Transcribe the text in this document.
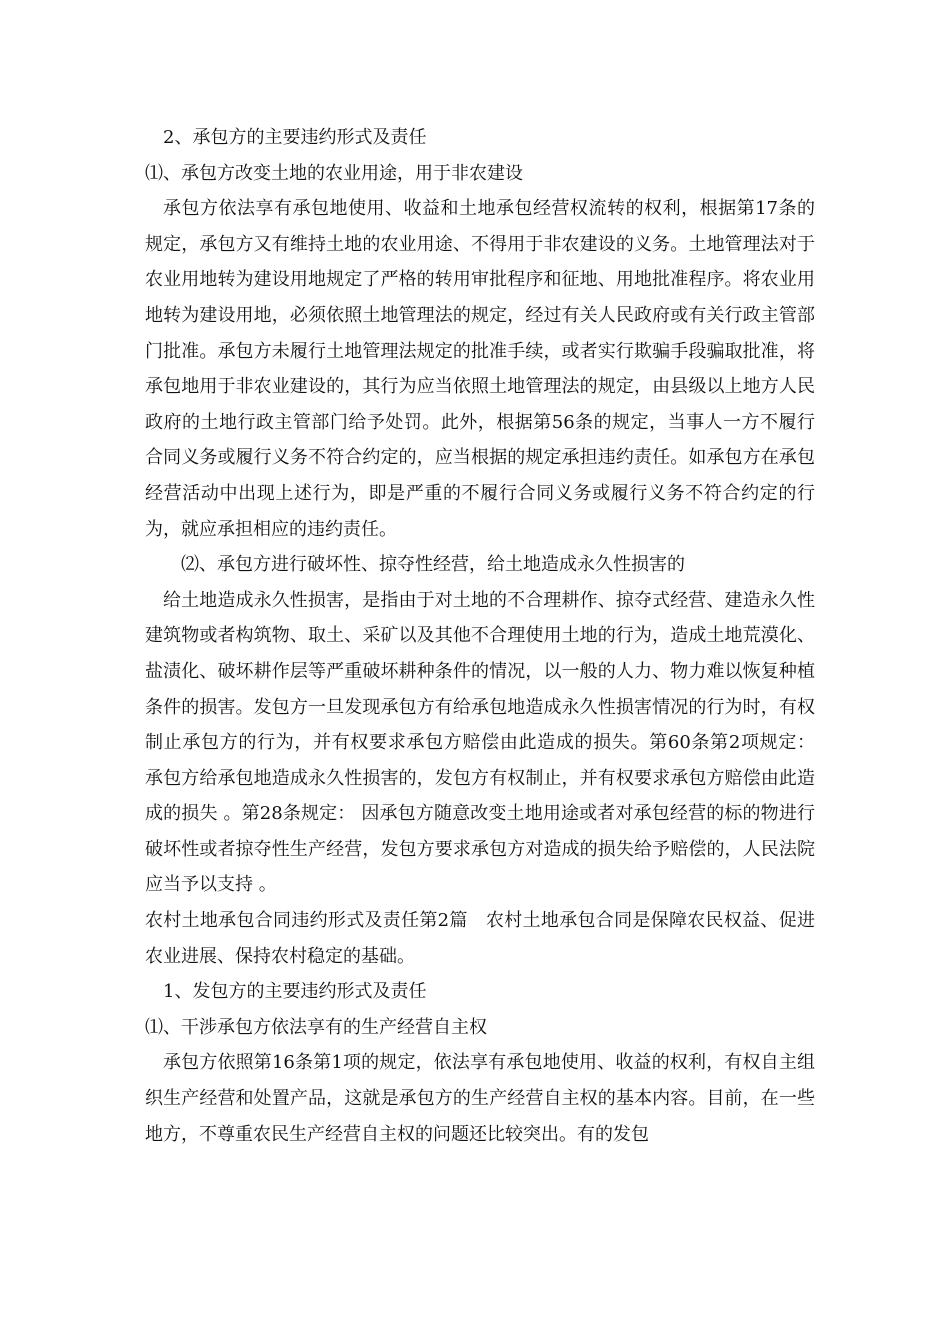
2、承包方的主要违约形式及责任

⑴、承包方改变土地的农业用途，用于非农建设

承包方依法享有承包地使用、收益和土地承包经营权流转的权利，根据第17条的规定，承包方又有维持土地的农业用途、不得用于非农建设的义务。土地管理法对于农业用地转为建设用地规定了严格的转用审批程序和征地、用地批准程序。将农业用地转为建设用地，必须依照土地管理法的规定，经过有关人民政府或有关行政主管部门批准。承包方未履行土地管理法规定的批准手续，或者实行欺骗手段骗取批准，将承包地用于非农业建设的，其行为应当依照土地管理法的规定，由县级以上地方人民政府的土地行政主管部门给予处罚。此外，根据第56条的规定，当事人一方不履行合同义务或履行义务不符合约定的，应当根据的规定承担违约责任。如承包方在承包经营活动中出现上述行为，即是严重的不履行合同义务或履行义务不符合约定的行为，就应承担相应的违约责任。

⑵、承包方进行破坏性、掠夺性经营，给土地造成永久性损害的

给土地造成永久性损害，是指由于对土地的不合理耕作、掠夺式经营、建造永久性建筑物或者构筑物、取土、采矿以及其他不合理使用土地的行为，造成土地荒漠化、盐渍化、破坏耕作层等严重破坏耕种条件的情况，以一般的人力、物力难以恢复种植条件的损害。发包方一旦发现承包方有给承包地造成永久性损害情况的行为时，有权制止承包方的行为，并有权要求承包方赔偿由此造成的损失。第60条第2项规定： 承包方给承包地造成永久性损害的，发包方有权制止，并有权要求承包方赔偿由此造成的损失 。第28条规定： 因承包方随意改变土地用途或者对承包经营的标的物进行破坏性或者掠夺性生产经营，发包方要求承包方对造成的损失给予赔偿的，人民法院应当予以支持 。

农村土地承包合同违约形式及责任第2篇　农村土地承包合同是保障农民权益、促进农业进展、保持农村稳定的基础。

1、发包方的主要违约形式及责任

⑴、干涉承包方依法享有的生产经营自主权

承包方依照第16条第1项的规定，依法享有承包地使用、收益的权利，有权自主组织生产经营和处置产品，这就是承包方的生产经营自主权的基本内容。目前，在一些地方，不尊重农民生产经营自主权的问题还比较突出。有的发包
